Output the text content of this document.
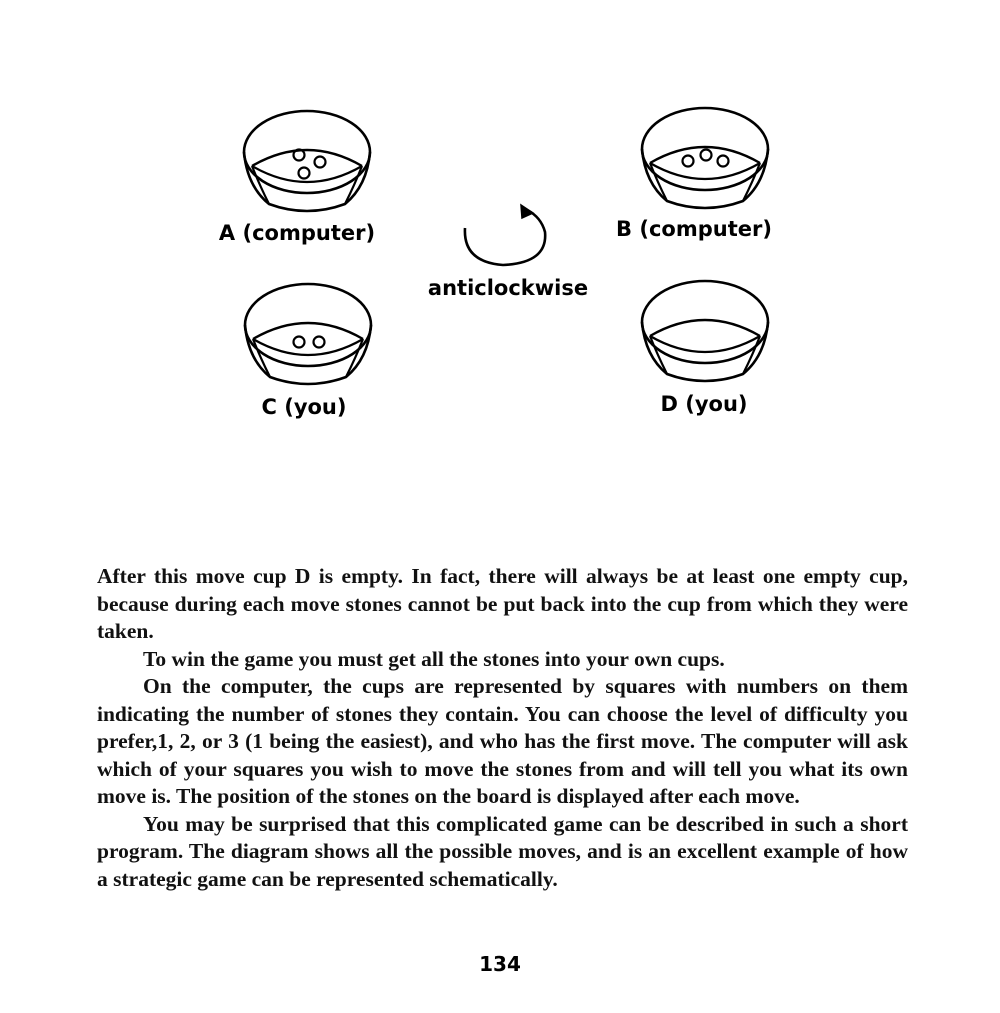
A (computer)	B (computer)
C (you)	D (you)
anticlockwise

After this move cup D is empty. In fact, there will always be at least one empty cup, because during each move stones cannot be put back into the cup from which they were taken.

To win the game you must get all the stones into your own cups.

On the computer, the cups are represented by squares with numbers on them indicating the number of stones they contain. You can choose the level of difficulty you prefer,1, 2, or 3 (1 being the easiest), and who has the first move. The computer will ask which of your squares you wish to move the stones from and will tell you what its own move is. The position of the stones on the board is displayed after each move.

You may be surprised that this complicated game can be described in such a short program. The diagram shows all the possible moves, and is an excellent example of how a strategic game can be represented schematically.

134
